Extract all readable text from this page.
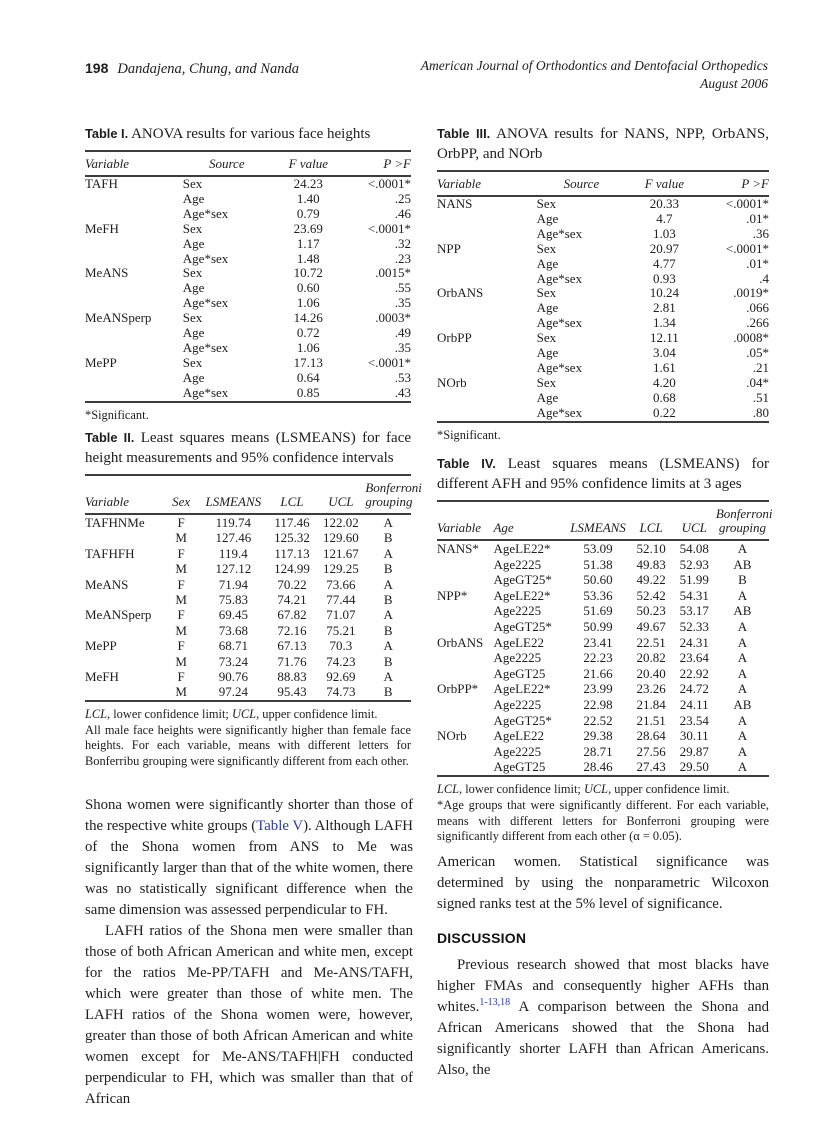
198 Dandajena, Chung, and Nanda	American Journal of Orthodontics and Dentofacial Orthopedics
August 2006
Table I. ANOVA results for various face heights
Variable	Source	F value	P >F
TAFH	Sex	24.23	<.0001*
	Age	1.40	.25
	Age*sex	0.79	.46
MeFH	Sex	23.69	<.0001*
	Age	1.17	.32
	Age*sex	1.48	.23
MeANS	Sex	10.72	.0015*
	Age	0.60	.55
	Age*sex	1.06	.35
MeANSperp	Sex	14.26	.0003*
	Age	0.72	.49
	Age*sex	1.06	.35
MePP	Sex	17.13	<.0001*
	Age	0.64	.53
	Age*sex	0.85	.43
*Significant.
Table II. Least squares means (LSMEANS) for face height measurements and 95% confidence intervals
Variable	Sex	LSMEANS	LCL	UCL	Bonferroni grouping
TAFHNMe	F	119.74	117.46	122.02	A
	M	127.46	125.32	129.60	B
TAFHFH	F	119.4	117.13	121.67	A
	M	127.12	124.99	129.25	B
MeANS	F	71.94	70.22	73.66	A
	M	75.83	74.21	77.44	B
MeANSperp	F	69.45	67.82	71.07	A
	M	73.68	72.16	75.21	B
MePP	F	68.71	67.13	70.3	A
	M	73.24	71.76	74.23	B
MeFH	F	90.76	88.83	92.69	A
	M	97.24	95.43	74.73	B
LCL, lower confidence limit; UCL, upper confidence limit.
All male face heights were significantly higher than female face heights. For each variable, means with different letters for Bonferribu grouping were significantly different from each other.

Shona women were significantly shorter than those of the respective white groups (Table V). Although LAFH of the Shona women from ANS to Me was significantly larger than that of the white women, there was no statistically significant difference when the same dimension was assessed perpendicular to FH.

LAFH ratios of the Shona men were smaller than those of both African American and white men, except for the ratios Me-PP/TAFH and Me-ANS/TAFH, which were greater than those of white men. The LAFH ratios of the Shona women were, however, greater than those of both African American and white women except for Me-ANS/TAFH|FH conducted perpendicular to FH, which was smaller than that of African

Table III. ANOVA results for NANS, NPP, OrbANS, OrbPP, and NOrb
Variable	Source	F value	P >F
NANS	Sex	20.33	<.0001*
	Age	4.7	.01*
	Age*sex	1.03	.36
NPP	Sex	20.97	<.0001*
	Age	4.77	.01*
	Age*sex	0.93	.4
OrbANS	Sex	10.24	.0019*
	Age	2.81	.066
	Age*sex	1.34	.266
OrbPP	Sex	12.11	.0008*
	Age	3.04	.05*
	Age*sex	1.61	.21
NOrb	Sex	4.20	.04*
	Age	0.68	.51
	Age*sex	0.22	.80
*Significant.
Table IV. Least squares means (LSMEANS) for different AFH and 95% confidence limits at 3 ages
Variable	Age	LSMEANS	LCL	UCL	Bonferroni grouping
NANS*	AgeLE22*	53.09	52.10	54.08	A
	Age2225	51.38	49.83	52.93	AB
	AgeGT25*	50.60	49.22	51.99	B
NPP*	AgeLE22*	53.36	52.42	54.31	A
	Age2225	51.69	50.23	53.17	AB
	AgeGT25*	50.99	49.67	52.33	A
OrbANS	AgeLE22	23.41	22.51	24.31	A
	Age2225	22.23	20.82	23.64	A
	AgeGT25	21.66	20.40	22.92	A
OrbPP*	AgeLE22*	23.99	23.26	24.72	A
	Age2225	22.98	21.84	24.11	AB
	AgeGT25*	22.52	21.51	23.54	A
NOrb	AgeLE22	29.38	28.64	30.11	A
	Age2225	28.71	27.56	29.87	A
	AgeGT25	28.46	27.43	29.50	A
LCL, lower confidence limit; UCL, upper confidence limit.
*Age groups that were significantly different. For each variable, means with different letters for Bonferroni grouping were significantly different from each other (α = 0.05).

American women. Statistical significance was determined by using the nonparametric Wilcoxon signed ranks test at the 5% level of significance.

DISCUSSION

Previous research showed that most blacks have higher FMAs and consequently higher AFHs than whites.$^{1-13,18}$ A comparison between the Shona and African Americans showed that the Shona had significantly shorter LAFH than African Americans. Also, the
